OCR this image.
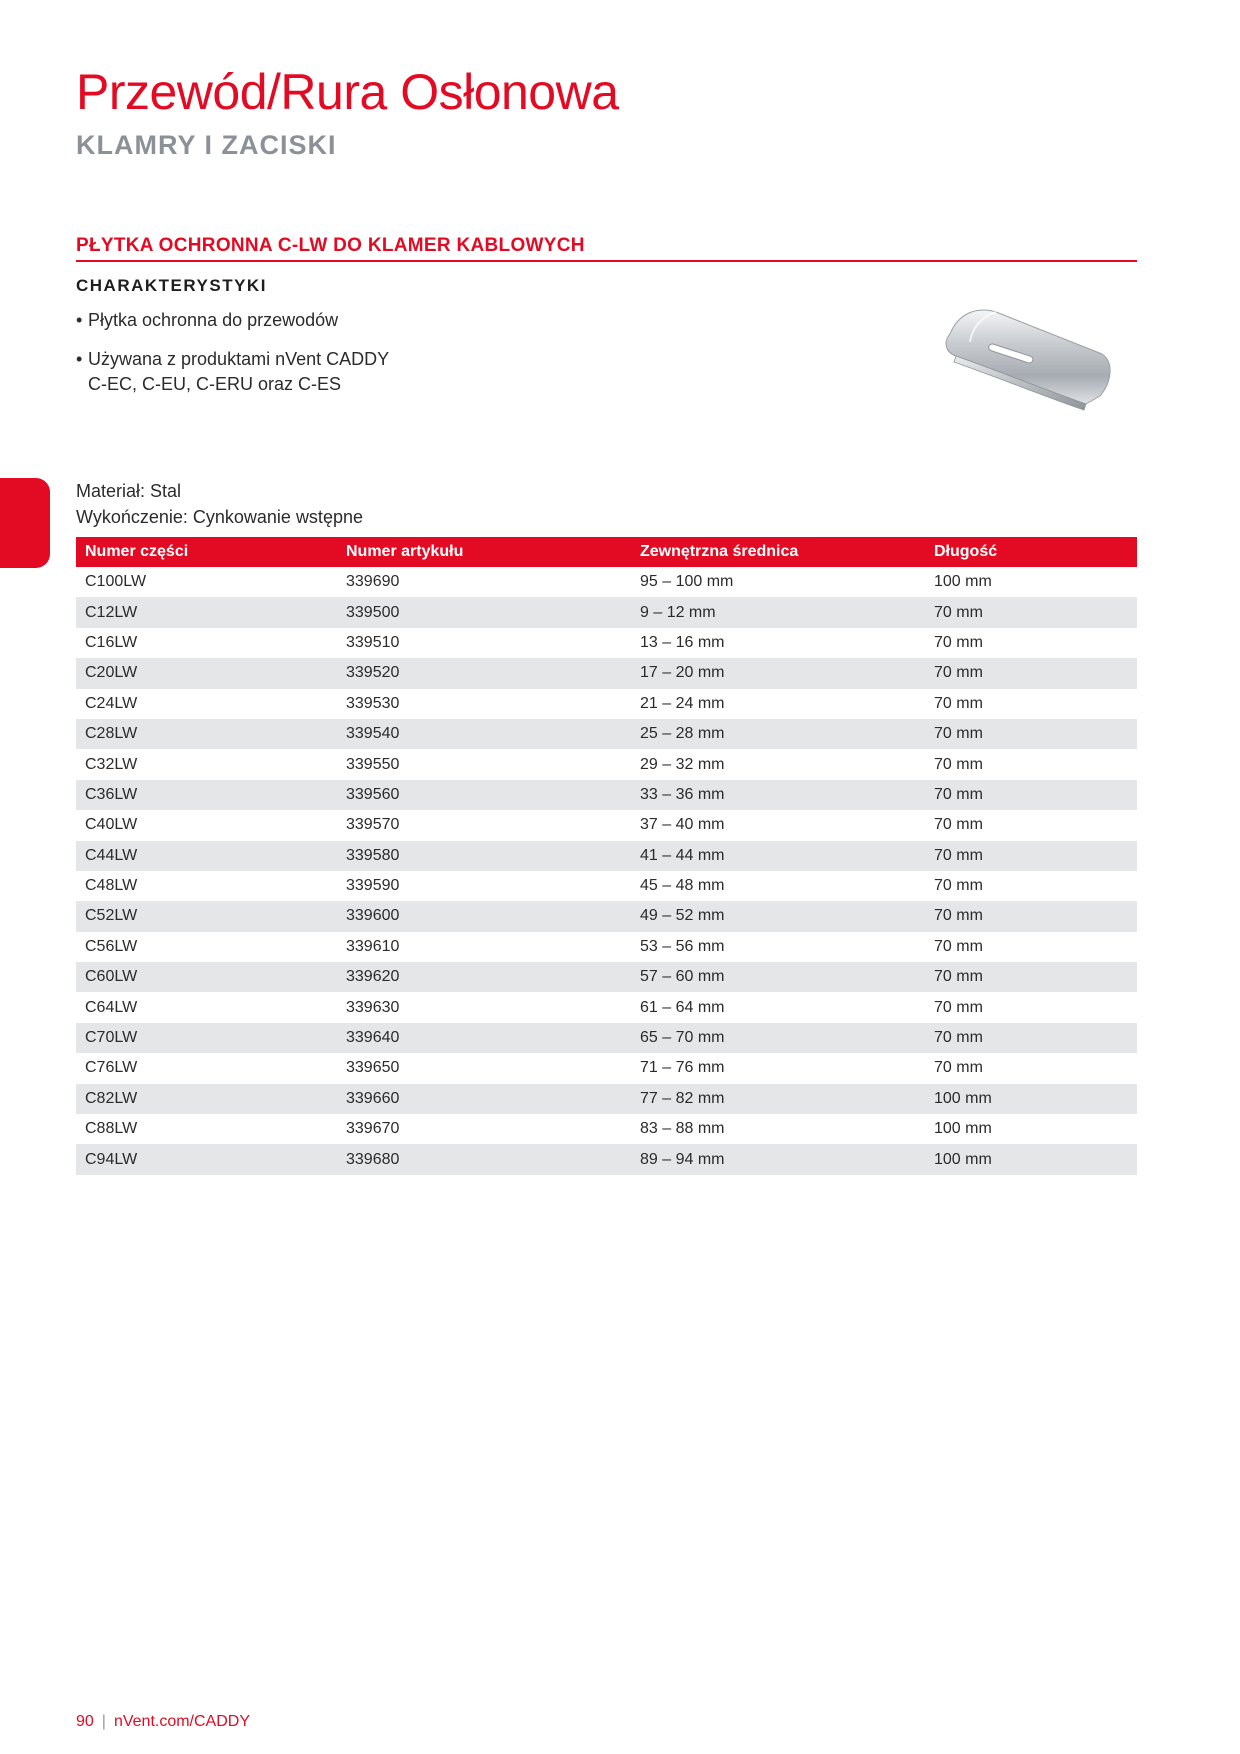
Przewód/Rura Osłonowa
KLAMRY I ZACISKI
PŁYTKA OCHRONNA C-LW DO KLAMER KABLOWYCH
CHARAKTERYSTYKI
• Płytka ochronna do przewodów
• Używana z produktami nVent CADDY C-EC, C-EU, C-ERU oraz C-ES

Materiał: Stal

Wykończenie: Cynkowanie wstępne

Numer części	Numer artykułu	Zewnętrzna średnica	Długość
C100LW	339690	95 – 100 mm	100 mm
C12LW	339500	9 – 12 mm	70 mm
C16LW	339510	13 – 16 mm	70 mm
C20LW	339520	17 – 20 mm	70 mm
C24LW	339530	21 – 24 mm	70 mm
C28LW	339540	25 – 28 mm	70 mm
C32LW	339550	29 – 32 mm	70 mm
C36LW	339560	33 – 36 mm	70 mm
C40LW	339570	37 – 40 mm	70 mm
C44LW	339580	41 – 44 mm	70 mm
C48LW	339590	45 – 48 mm	70 mm
C52LW	339600	49 – 52 mm	70 mm
C56LW	339610	53 – 56 mm	70 mm
C60LW	339620	57 – 60 mm	70 mm
C64LW	339630	61 – 64 mm	70 mm
C70LW	339640	65 – 70 mm	70 mm
C76LW	339650	71 – 76 mm	70 mm
C82LW	339660	77 – 82 mm	100 mm
C88LW	339670	83 – 88 mm	100 mm
C94LW	339680	89 – 94 mm	100 mm
90 | nVent.com/CADDY
